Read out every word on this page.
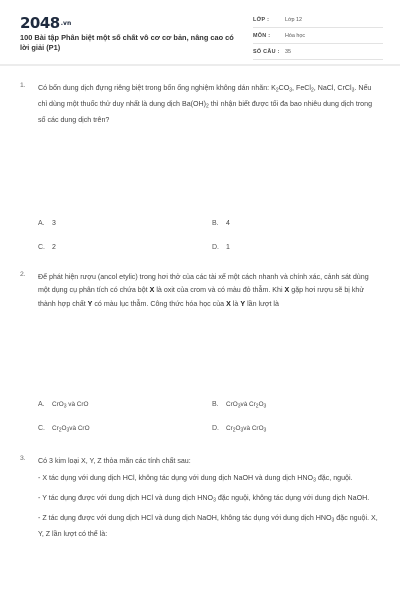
2048.vn
100 Bài tập Phân biệt một số chất vô cơ cơ bản, nâng cao có lời giải (P1)
LỚP :	Lớp 12
MÔN :	Hóa học
SỐ CÂU : 35
1. Có bốn dung dịch đựng riêng biệt trong bốn ống nghiệm không dán nhãn: $K_2CO_3$, FeCl$_2$, NaCl, CrCl$_3$. Nếu chỉ dùng một thuốc thử duy nhất là dung dịch $Ba(OH)_2$ thì nhận biết được tối đa bao nhiêu dung dịch trong số các dung dịch trên?
A. 3	B. 4
C. 2	D. 1
2. Để phát hiện rượu (ancol etylic) trong hơi thở của các tài xế một cách nhanh và chính xác, cảnh sát dùng một dụng cụ phân tích có chứa bột X là oxit của crom và có màu đỏ thẫm. Khi X gặp hơi rượu sẽ bị khử thành hợp chất Y có màu lục thẫm. Công thức hóa học của X là Y lần lượt là
A. CrO$_3$ và CrO	B. CrO$_3$và $Cr_2O_3$
C. $Cr_2O_3và$ CrO	D. $Cr_2O_3và$ CrO$_3$
3. Có 3 kim loại X, Y, Z thỏa mãn các tính chất sau:

- X tác dụng với dung dịch HCl, không tác dụng với dung dịch NaOH và dung dịch $HNO_3$ đặc, nguội.

- Y tác dụng được với dung dịch HCl và dung dịch $HNO_3$ đặc nguội, không tác dụng với dung dịch NaOH.

- Z tác dụng được với dung dịch HCl và dung dịch NaOH, không tác dụng với dung dịch $HNO_3$ đặc nguội. X, Y, Z lần lượt có thể là:
